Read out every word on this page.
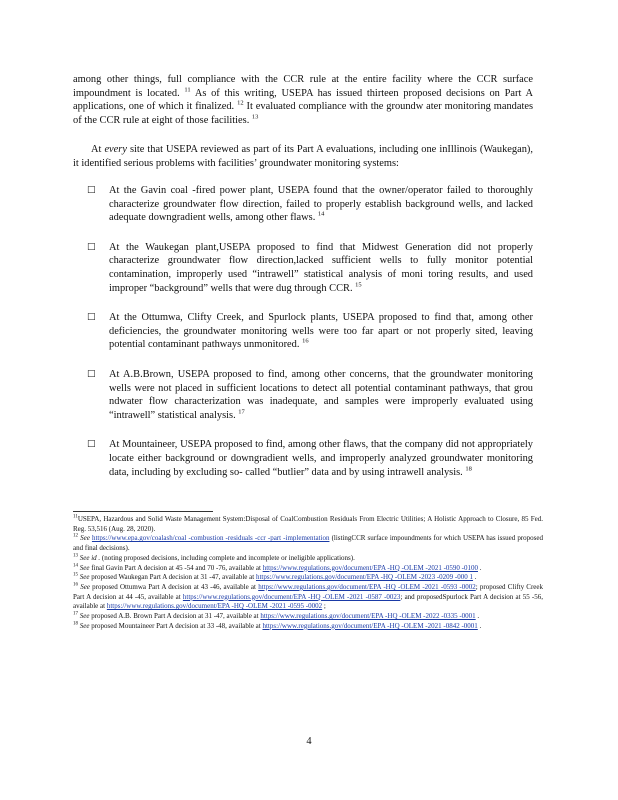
among other things, full compliance with the CCR rule at the entire facility where the CCR surface impoundment is located. $^{11}$ As of this writing, USEPA has issued thirteen proposed decisions on Part A applications, one of which it finalized. $^{12}$ It evaluated compliance with the groundw ater monitoring mandates of the CCR rule at eight of those facilities. $^{13}$

At every site that USEPA reviewed as part of its Part A evaluations, including one inIllinois (Waukegan), it identified serious problems with facilities’ groundwater monitoring systems:

□ At the Gavin coal -fired power plant, USEPA found that the owner/operator failed to thoroughly characterize groundwater flow direction, failed to properly establish background wells, and lacked adequate downgradient wells, among other flaws. $^{14}$
□ At the Waukegan plant,USEPA proposed to find that Midwest Generation did not properly characterize groundwater flow direction,lacked sufficient wells to fully monitor potential contamination, improperly used “intrawell” statistical analysis of moni toring results, and used improper “background” wells that were dug through CCR. $^{15}$
□ At the Ottumwa, Clifty Creek, and Spurlock plants, USEPA proposed to find that, among other deficiencies, the groundwater monitoring wells were too far apart or not properly sited, leaving potential contaminant pathways unmonitored. $^{16}$
□ At A.B.Brown, USEPA proposed to find, among other concerns, that the groundwater monitoring wells were not placed in sufficient locations to detect all potential contaminant pathways, that grou ndwater flow characterization was inadequate, and samples were improperly evaluated using “intrawell” statistical analysis. $^{17}$
□ At Mountaineer, USEPA proposed to find, among other flaws, that the company did not appropriately locate either background or downgradient wells, and improperly analyzed groundwater monitoring data, including by excluding so- called “butlier” data and by using intrawell analysis. $^{18}$
$^{11}$USEPA, Hazardous and Solid Waste Management System:Disposal of CoalCombustion Residuals From Electric Utilities; A Holistic Approach to Closure, 85 Fed. Reg. 53,516 (Aug. 28, 2020).
$^{12}$ See https://www.epa.gov/coalash/coal -combustion -residuals -ccr -part -implementation (listingCCR surface impoundments for which USEPA has issued proposed and final decisions).
$^{13}$ See id . (noting proposed decisions, including complete and incomplete or ineligible applications).
$^{14}$ See final Gavin Part A decision at 45 -54 and 70 -76, available at https://www.regulations.gov/document/EPA -HQ -OLEM -2021 -0590 -0100 .
$^{15}$ See proposed Waukegan Part A decision at 31 -47, available at https://www.regulations.gov/document/EPA -HQ -OLEM -2023 -0209 -000 1 .
$^{16}$ See proposed Ottumwa Part A decision at 43 -46, available at https://www.regulations.gov/document/EPA -HQ -OLEM -2021 -0593 -0002; proposed Clifty Creek Part A decision at 44 -45, available at https://www.regulations.gov/document/EPA -HQ -OLEM -2021 -0587 -0023; and proposedSpurlock Part A decision at 55 -56, available at https://www.regulations.gov/document/EPA -HQ -OLEM -2021 -0595 -0002 ;
$^{17}$ See proposed A.B. Brown Part A decision at 31 -47, available at https://www.regulations.gov/document/EPA -HQ -OLEM -2022 -0335 -0001 .
$^{18}$ See proposed Mountaineer Part A decision at 33 -48, available at https://www.regulations.gov/document/EPA -HQ -OLEM -2021 -0842 -0001 .
4
